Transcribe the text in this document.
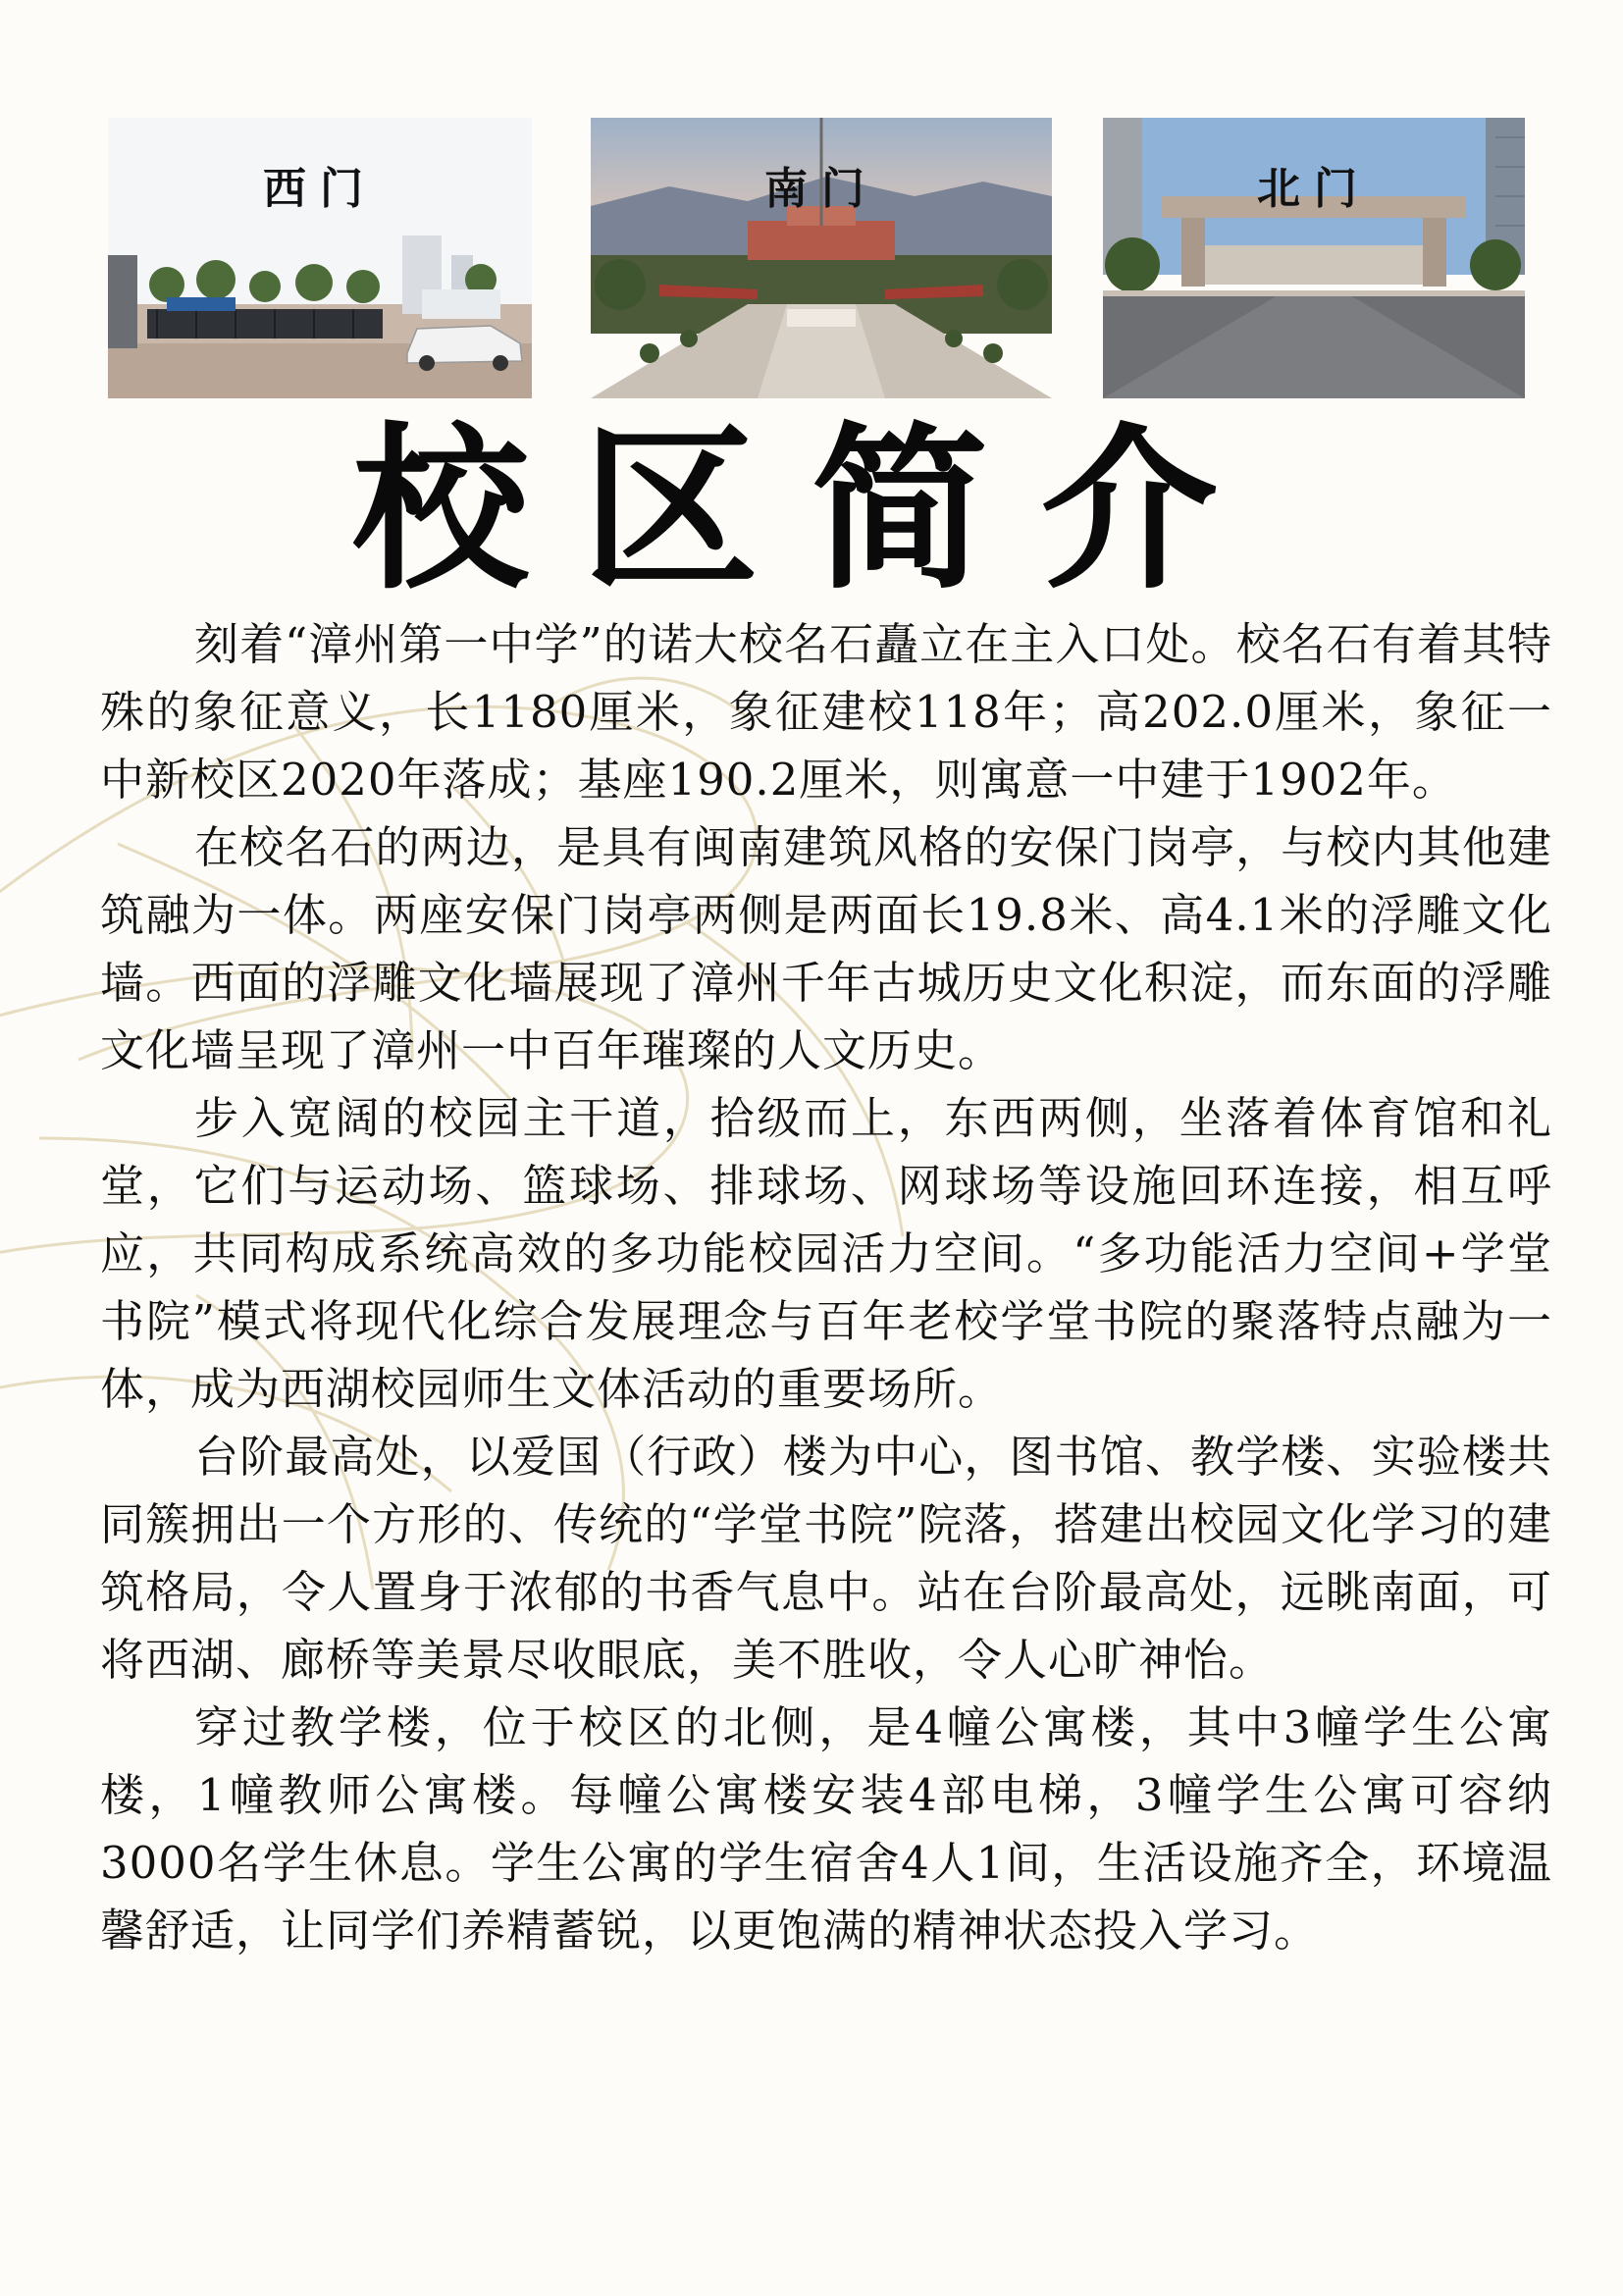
西门	南门	北门
校区简介

刻着“漳州第一中学”的诺大校名石矗立在主入口处。校名石有着其特殊的象征意义，长1180厘米，象征建校118年；高202.0厘米，象征一中新校区2020年落成；基座190.2厘米，则寓意一中建于1902年。

在校名石的两边，是具有闽南建筑风格的安保门岗亭，与校内其他建筑融为一体。两座安保门岗亭两侧是两面长19.8米、高4.1米的浮雕文化墙。西面的浮雕文化墙展现了漳州千年古城历史文化积淀，而东面的浮雕文化墙呈现了漳州一中百年璀璨的人文历史。

步入宽阔的校园主干道，拾级而上，东西两侧，坐落着体育馆和礼堂，它们与运动场、篮球场、排球场、网球场等设施回环连接，相互呼应，共同构成系统高效的多功能校园活力空间。“多功能活力空间+学堂书院”模式将现代化综合发展理念与百年老校学堂书院的聚落特点融为一体，成为西湖校园师生文体活动的重要场所。

台阶最高处，以爱国（行政）楼为中心，图书馆、教学楼、实验楼共同簇拥出一个方形的、传统的“学堂书院”院落，搭建出校园文化学习的建筑格局，令人置身于浓郁的书香气息中。站在台阶最高处，远眺南面，可将西湖、廊桥等美景尽收眼底，美不胜收，令人心旷神怡。

穿过教学楼，位于校区的北侧，是4幢公寓楼，其中3幢学生公寓楼，1幢教师公寓楼。每幢公寓楼安装4部电梯，3幢学生公寓可容纳3000名学生休息。学生公寓的学生宿舍4人1间，生活设施齐全，环境温馨舒适，让同学们养精蓄锐，以更饱满的精神状态投入学习。
